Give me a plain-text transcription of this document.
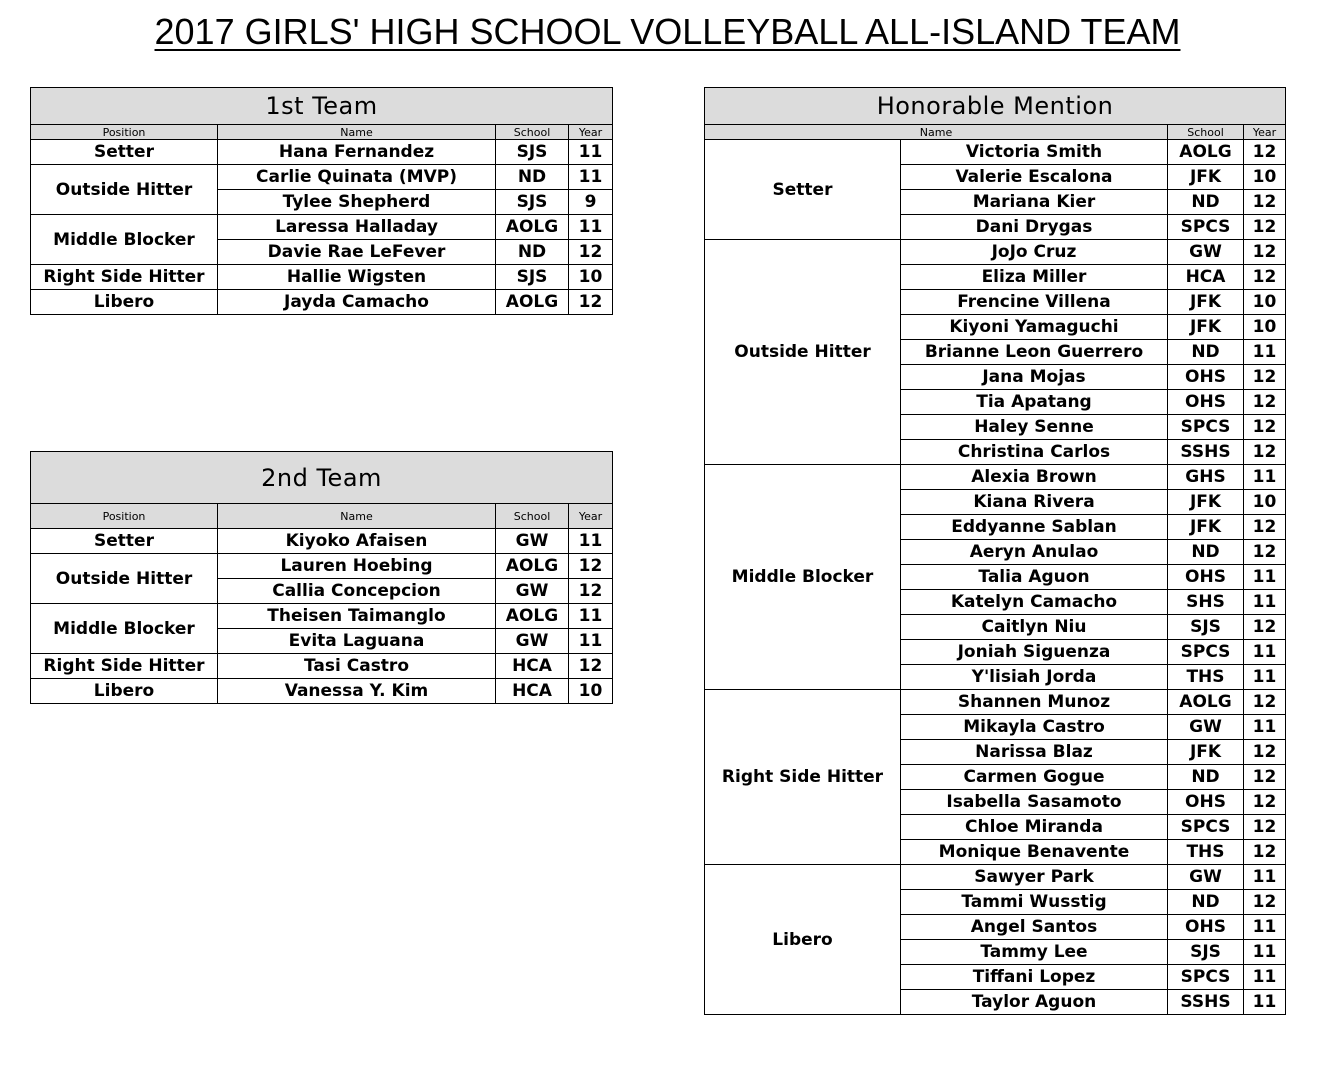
2017 GIRLS' HIGH SCHOOL VOLLEYBALL ALL-ISLAND TEAM
1st Team			
Position	Name	School	Year
Setter	Hana Fernandez	SJS	11
Outside Hitter	Carlie Quinata (MVP)	ND	11
	Tylee Shepherd	SJS	9
Middle Blocker	Laressa Halladay	AOLG	11
	Davie Rae LeFever	ND	12
Right Side Hitter	Hallie Wigsten	SJS	10
Libero	Jayda Camacho	AOLG	12
2nd Team			
Position	Name	School	Year
Setter	Kiyoko Afaisen	GW	11
Outside Hitter	Lauren Hoebing	AOLG	12
	Callia Concepcion	GW	12
Middle Blocker	Theisen Taimanglo	AOLG	11
	Evita Laguana	GW	11
Right Side Hitter	Tasi Castro	HCA	12
Libero	Vanessa Y. Kim	HCA	10
Honorable Mention			
Name		School	Year
Setter	Victoria Smith	AOLG	12
	Valerie Escalona	JFK	10
	Mariana Kier	ND	12
	Dani Drygas	SPCS	12
Outside Hitter	JoJo Cruz	GW	12
	Eliza Miller	HCA	12
	Frencine Villena	JFK	10
	Kiyoni Yamaguchi	JFK	10
	Brianne Leon Guerrero	ND	11
	Jana Mojas	OHS	12
	Tia Apatang	OHS	12
	Haley Senne	SPCS	12
	Christina Carlos	SSHS	12
Middle Blocker	Alexia Brown	GHS	11
	Kiana Rivera	JFK	10
	Eddyanne Sablan	JFK	12
	Aeryn Anulao	ND	12
	Talia Aguon	OHS	11
	Katelyn Camacho	SHS	11
	Caitlyn Niu	SJS	12
	Joniah Siguenza	SPCS	11
	Y'lisiah Jorda	THS	11
Right Side Hitter	Shannen Munoz	AOLG	12
	Mikayla Castro	GW	11
	Narissa Blaz	JFK	12
	Carmen Gogue	ND	12
	Isabella Sasamoto	OHS	12
	Chloe Miranda	SPCS	12
	Monique Benavente	THS	12
Libero	Sawyer Park	GW	11
	Tammi Wusstig	ND	12
	Angel Santos	OHS	11
	Tammy Lee	SJS	11
	Tiffani Lopez	SPCS	11
	Taylor Aguon	SSHS	11
